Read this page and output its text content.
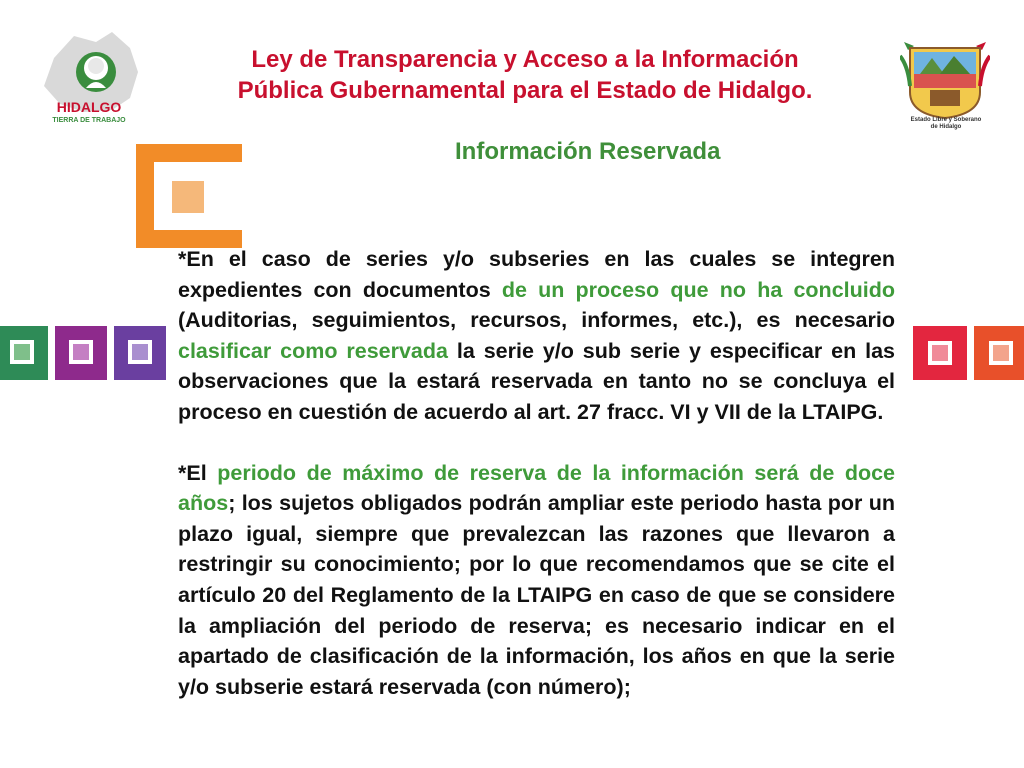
Ley de Transparencia y Acceso a la Información
Pública Gubernamental para el Estado de Hidalgo.
Información Reservada
HIDALGO
TIERRA DE TRABAJO	Estado Libre y Soberano
de Hidalgo

*En el caso de series y/o subseries en las cuales se integren expedientes con documentos de un proceso que no ha concluido (Auditorias, seguimientos, recursos, informes, etc.), es necesario clasificar como reservada la serie y/o sub serie y especificar en las observaciones que la estará reservada en tanto no se concluya el proceso en cuestión de acuerdo al art. 27 fracc. VI y VII de la LTAIPG.

*El periodo de máximo de reserva de la información será de doce años; los sujetos obligados podrán ampliar este periodo hasta por un plazo igual, siempre que prevalezcan las razones que llevaron a restringir su conocimiento; por lo que recomendamos que se cite el artículo 20 del Reglamento de la LTAIPG en caso de que se considere la ampliación del periodo de reserva; es necesario indicar en el apartado de clasificación de la información, los años en que la serie y/o subserie estará reservada (con número);
